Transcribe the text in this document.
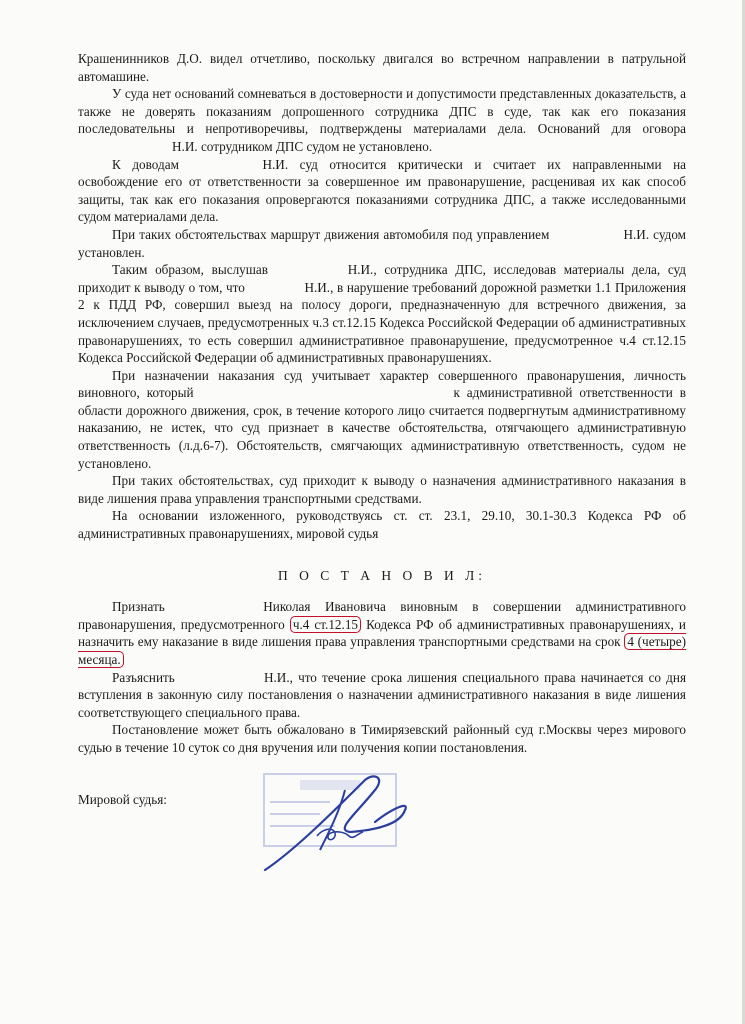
Крашенинников Д.О. видел отчетливо, поскольку двигался во встречном направлении в патрульной автомашине.

У суда нет оснований сомневаться в достоверности и допустимости представленных доказательств, а также не доверять показаниям допрошенного сотрудника ДПС в суде, так как его показания последовательны и непротиворечивы, подтверждены материалами дела. Оснований для оговора Н.И. сотрудником ДПС судом не установлено.

К доводам	Н.И. суд относится критически и считает их направленными на освобождение его от ответственности за совершенное им правонарушение, расценивая их как способ защиты, так как его показания опровергаются показаниями сотрудника ДПС, а также исследованными судом материалами дела.

При таких обстоятельствах маршрут движения автомобиля под управлением	Н.И. судом установлен.

Таким образом, выслушав	Н.И., сотрудника ДПС, исследовав материалы дела, суд приходит к выводу о том, что	Н.И., в нарушение требований дорожной разметки 1.1 Приложения 2 к ПДД РФ, совершил выезд на полосу дороги, предназначенную для встречного движения, за исключением случаев, предусмотренных ч.3 ст.12.15 Кодекса Российской Федерации об административных правонарушениях, то есть совершил административное правонарушение, предусмотренное ч.4 ст.12.15 Кодекса Российской Федерации об административных правонарушениях.

При назначении наказания суд учитывает характер совершенного правонарушения, личность виновного, который	к административной ответственности в области дорожного движения, срок, в течение которого лицо считается подвергнутым административному наказанию, не истек, что суд признает в качестве обстоятельства, отягчающего административную ответственность (л.д.6-7). Обстоятельств, смягчающих административную ответственность, судом не установлено.

При таких обстоятельствах, суд приходит к выводу о назначения административного наказания в виде лишения права управления транспортными средствами.

На основании изложенного, руководствуясь ст. ст. 23.1, 29.10, 30.1-30.3 Кодекса РФ об административных правонарушениях, мировой судья

П О С Т А Н О В И Л:

Признать	Николая Ивановича виновным в совершении административного правонарушения, предусмотренного ч.4 ст.12.15 Кодекса РФ об административных правонарушениях, и назначить ему наказание в виде лишения права управления транспортными средствами на срок 4 (четыре) месяца.

Разъяснить	Н.И., что течение срока лишения специального права начинается со дня вступления в законную силу постановления о назначении административного наказания в виде лишения соответствующего специального права.

Постановление может быть обжаловано в Тимирязевский районный суд г.Москвы через мирового судью в течение 10 суток со дня вручения или получения копии постановления.

Мировой судья:
